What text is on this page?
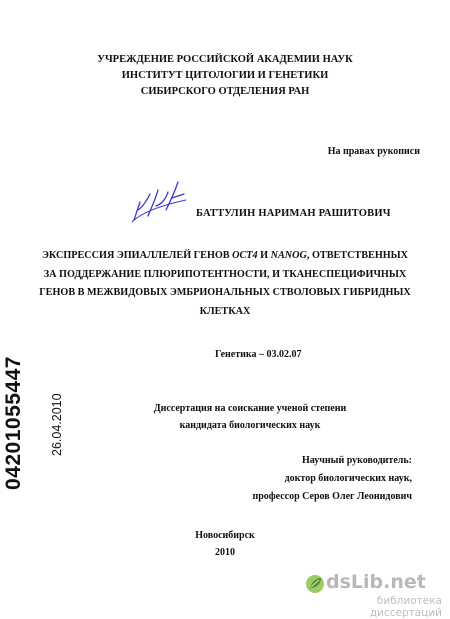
УЧРЕЖДЕНИЕ РОССИЙСКОЙ АКАДЕМИИ НАУК
ИНСТИТУТ ЦИТОЛОГИИ И ГЕНЕТИКИ
СИБИРСКОГО ОТДЕЛЕНИЯ РАН
На правах рукописи
БАТТУЛИН НАРИМАН РАШИТОВИЧ
ЭКСПРЕССИЯ ЭПИАЛЛЕЛЕЙ ГЕНОВ OCT4 И NANOG, ОТВЕТСТВЕННЫХ
ЗА ПОДДЕРЖАНИЕ ПЛЮРИПОТЕНТНОСТИ, И ТКАНЕСПЕЦИФИЧНЫХ
ГЕНОВ В МЕЖВИДОВЫХ ЭМБРИОНАЛЬНЫХ СТВОЛОВЫХ ГИБРИДНЫХ
КЛЕТКАХ
Генетика – 03.02.07
Диссертация на соискание ученой степени
кандидата биологических наук
Научный руководитель:
доктор биологических наук,
профессор Серов Олег Леонидович
Новосибирск
2010
04201055447 26.04.2010
dsLib.net
библиотека диссертаций
